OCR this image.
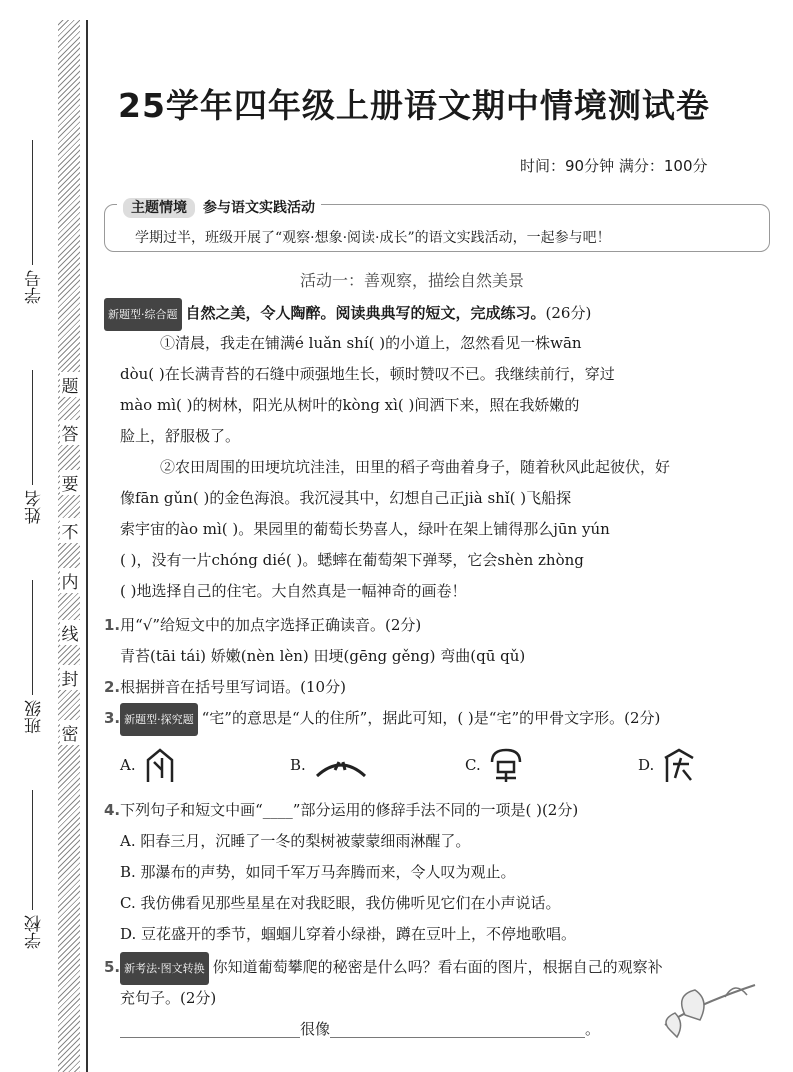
学号
姓名
班级
学校
密
封
线
内
不
要
答
题
25学年四年级上册语文期中情境测试卷
时间：90分钟 满分：100分
主题情境 参与语文实践活动
学期过半，班级开展了“观察·想象·阅读·成长”的语文实践活动，一起参与吧！
活动一：善观察，描绘自然美景
新题型·综合题 自然之美，令人陶醉。阅读典典写的短文，完成练习。(26分)
①清晨，我走在铺满é luǎn shí( )的小道上，忽然看见一株wān
dòu( )在长满青苔的石缝中顽强地生长，顿时赞叹不已。我继续前行，穿过
mào mì( )的树林，阳光从树叶的kòng xì( )间洒下来，照在我娇嫩的
脸上，舒服极了。
②农田周围的田埂坑坑洼洼，田里的稻子弯曲着身子，随着秋风此起彼伏，好
像fān gǔn( )的金色海浪。我沉浸其中，幻想自己正jià shǐ( )飞船探
索宇宙的ào mì( )。果园里的葡萄长势喜人，绿叶在架上铺得那么jūn yún
( )，没有一片chóng dié( )。蟋蟀在葡萄架下弹琴，它会shèn zhòng
( )地选择自己的住宅。大自然真是一幅神奇的画卷！
1.用“√”给短文中的加点字选择正确读音。(2分)
青苔(tāi tái) 娇嫩(nèn lèn) 田埂(gēng gěng) 弯曲(qū qǔ)
2.根据拼音在括号里写词语。(10分)
3. 新题型·探究题 “宅”的意思是“人的住所”，据此可知，( )是“宅”的甲骨文字形。(2分)
A.	B.	C.	D.
4.下列句子和短文中画“____”部分运用的修辞手法不同的一项是( )(2分)
A. 阳春三月，沉睡了一冬的梨树被蒙蒙细雨淋醒了。
B. 那瀑布的声势，如同千军万马奔腾而来，令人叹为观止。
C. 我仿佛看见那些星星在对我眨眼，我仿佛听见它们在小声说话。
D. 豆花盛开的季节，蝈蝈儿穿着小绿褂，蹲在豆叶上，不停地歌唱。
5. 新考法·图文转换 你知道葡萄攀爬的秘密是什么吗？看右面的图片，根据自己的观察补
充句子。(2分)
________________________很像__________________________________。
